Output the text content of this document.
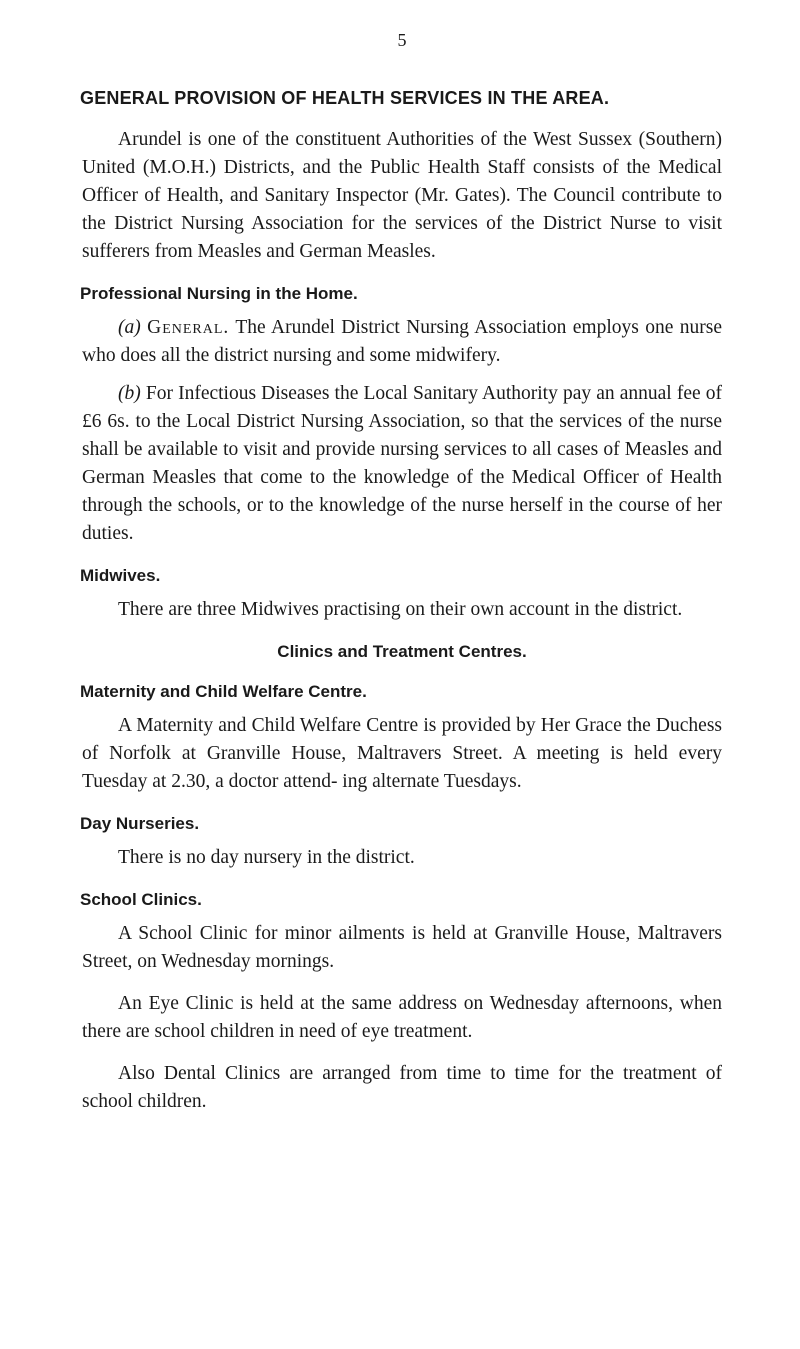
5
GENERAL PROVISION OF HEALTH SERVICES IN THE AREA.

Arundel is one of the constituent Authorities of the West Sussex (Southern) United (M.O.H.) Districts, and the Public Health Staff consists of the Medical Officer of Health, and Sanitary Inspector (Mr. Gates). The Council contribute to the District Nursing Association for the services of the District Nurse to visit sufferers from Measles and German Measles.

Professional Nursing in the Home.

(a) General. The Arundel District Nursing Association employs one nurse who does all the district nursing and some midwifery.

(b) For Infectious Diseases the Local Sanitary Authority pay an annual fee of £6 6s. to the Local District Nursing Association, so that the services of the nurse shall be available to visit and provide nursing services to all cases of Measles and German Measles that come to the knowledge of the Medical Officer of Health through the schools, or to the knowledge of the nurse herself in the course of her duties.

Midwives.

There are three Midwives practising on their own account in the district.

Clinics and Treatment Centres.
Maternity and Child Welfare Centre.

A Maternity and Child Welfare Centre is provided by Her Grace the Duchess of Norfolk at Granville House, Maltravers Street. A meeting is held every Tuesday at 2.30, a doctor attend- ing alternate Tuesdays.

Day Nurseries.

There is no day nursery in the district.

School Clinics.

A School Clinic for minor ailments is held at Granville House, Maltravers Street, on Wednesday mornings.

An Eye Clinic is held at the same address on Wednesday afternoons, when there are school children in need of eye treatment.

Also Dental Clinics are arranged from time to time for the treatment of school children.
